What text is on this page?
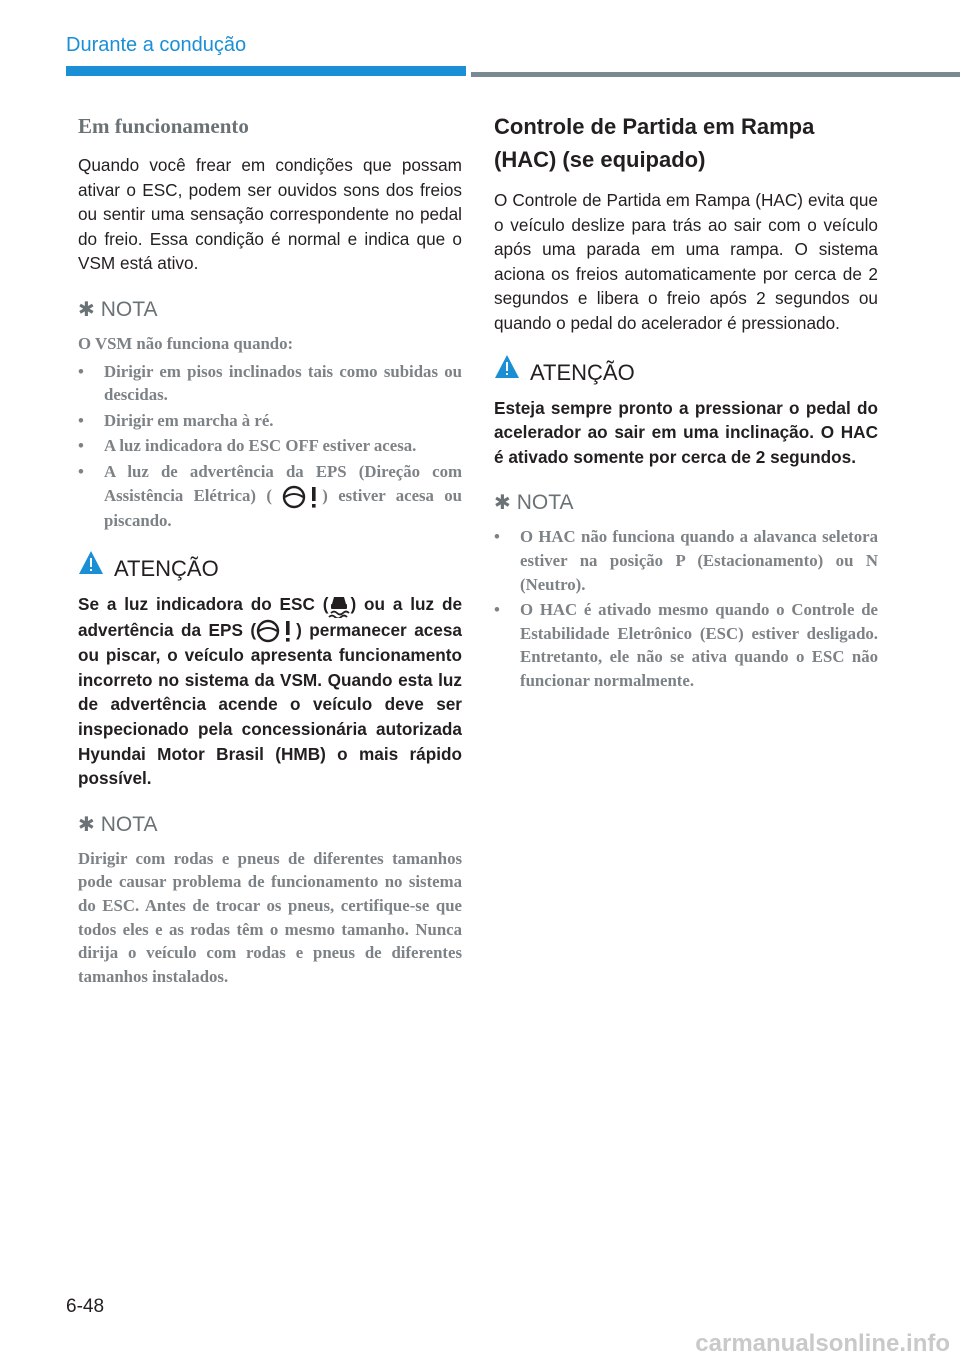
Durante a condução
Em funcionamento

Quando você frear em condições que possam ativar o ESC, podem ser ouvidos sons dos freios ou sentir uma sensação correspondente no pedal do freio. Essa condição é normal e indica que o VSM está ativo.

✱ NOTA

O VSM não funciona quando:

• Dirigir em pisos inclinados tais como subidas ou descidas.
• Dirigir em marcha à ré.
• A luz indicadora do ESC OFF estiver acesa.
• A luz de advertência da EPS (Direção com Assistência Elétrica) (	) estiver acesa ou piscando.
ATENÇÃO

Se a luz indicadora do ESC ( ) ou a luz de advertência da EPS ( ) permanecer acesa ou piscar, o veículo apresenta funcionamento incorreto no sistema da VSM. Quando esta luz de advertência acende o veículo deve ser inspecionado pela concessionária autorizada Hyundai Motor Brasil (HMB) o mais rápido possível.

✱ NOTA

Dirigir com rodas e pneus de diferentes tamanhos pode causar problema de funcionamento no sistema do ESC. Antes de trocar os pneus, certifique-se que todos eles e as rodas têm o mesmo tamanho. Nunca dirija o veículo com rodas e pneus de diferentes tamanhos instalados.

Controle de Partida em Rampa (HAC) (se equipado)

O Controle de Partida em Rampa (HAC) evita que o veículo deslize para trás ao sair com o veículo após uma parada em uma rampa. O sistema aciona os freios automaticamente por cerca de 2 segundos e libera o freio após 2 segundos ou quando o pedal do acelerador é pressionado.

ATENÇÃO

Esteja sempre pronto a pressionar o pedal do acelerador ao sair em uma inclinação. O HAC é ativado somente por cerca de 2 segundos.

✱ NOTA
• O HAC não funciona quando a alavanca seletora estiver na posição P (Estacionamento) ou N (Neutro).
• O HAC é ativado mesmo quando o Controle de Estabilidade Eletrônico (ESC) estiver desligado. Entretanto, ele não se ativa quando o ESC não funcionar normalmente.
6-48
carmanualsonline.info
